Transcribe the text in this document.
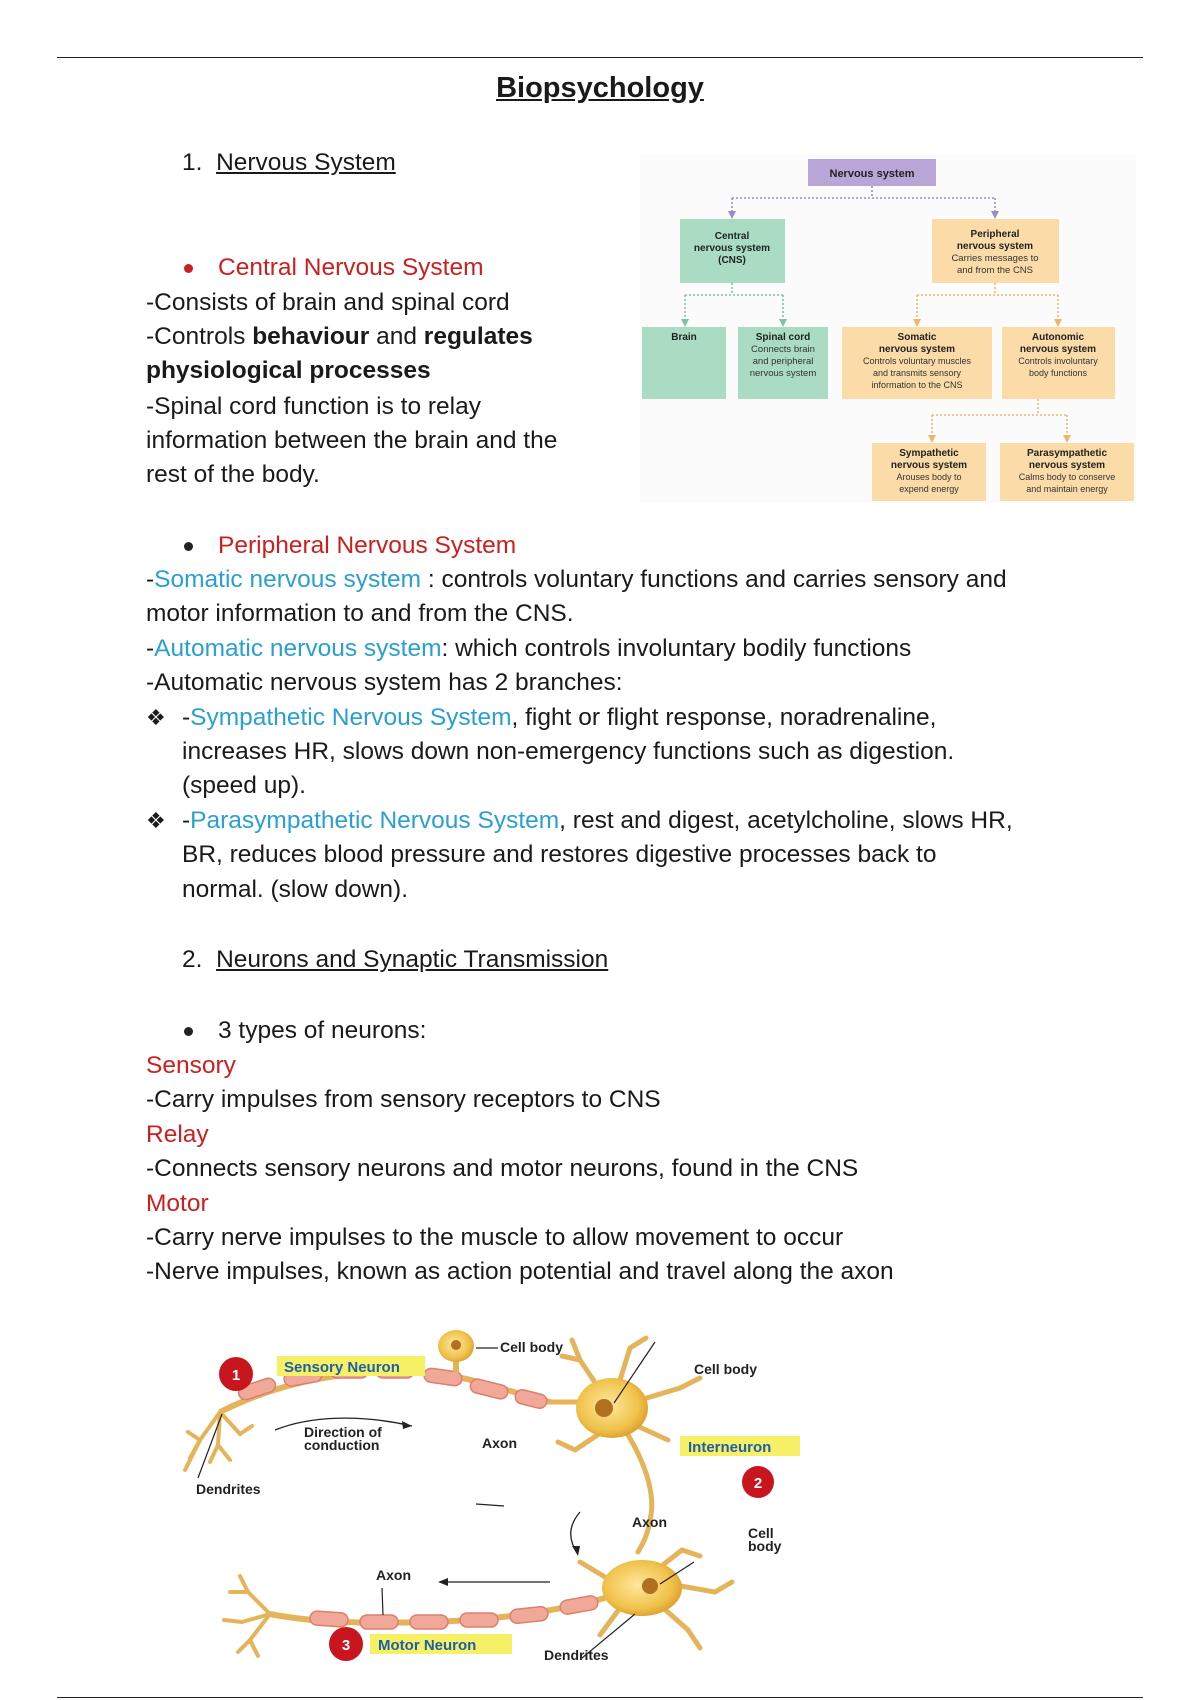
Biopsychology
1. Nervous System
Central Nervous System
-Consists of brain and spinal cord
-Controls behaviour and regulates
physiological processes
-Spinal cord function is to relay
information between the brain and the
rest of the body.
Nervous system
Central
nervous system
(CNS)
Peripheral
nervous system
Carries messages to
and from the CNS
Brain	Spinal cord
Connects brain
and peripheral
nervous system
Somatic
nervous system
Controls voluntary muscles
and transmits sensory
information to the CNS
Autonomic
nervous system
Controls involuntary
body functions
Sympathetic
nervous system
Arouses body to
expend energy
Parasympathetic
nervous system
Calms body to conserve
and maintain energy
Peripheral Nervous System
-Somatic nervous system : controls voluntary functions and carries sensory and
motor information to and from the CNS.
-Automatic nervous system: which controls involuntary bodily functions
-Automatic nervous system has 2 branches:
❖ -Sympathetic Nervous System, fight or flight response, noradrenaline,
increases HR, slows down non-emergency functions such as digestion.
(speed up).
❖ -Parasympathetic Nervous System, rest and digest, acetylcholine, slows HR,
BR, reduces blood pressure and restores digestive processes back to
normal. (slow down).
2. Neurons and Synaptic Transmission
3 types of neurons:
Sensory
-Carry impulses from sensory receptors to CNS
Relay
-Connects sensory neurons and motor neurons, found in the CNS
Motor
-Carry nerve impulses to the muscle to allow movement to occur
-Nerve impulses, known as action potential and travel along the axon
Sensory Neuron
1
Cell body
Direction of
conduction	Axon
Dendrites
Cell body
Interneuron
2
Axon
Cell
body
Axon
3 Motor Neuron
Dendrites
